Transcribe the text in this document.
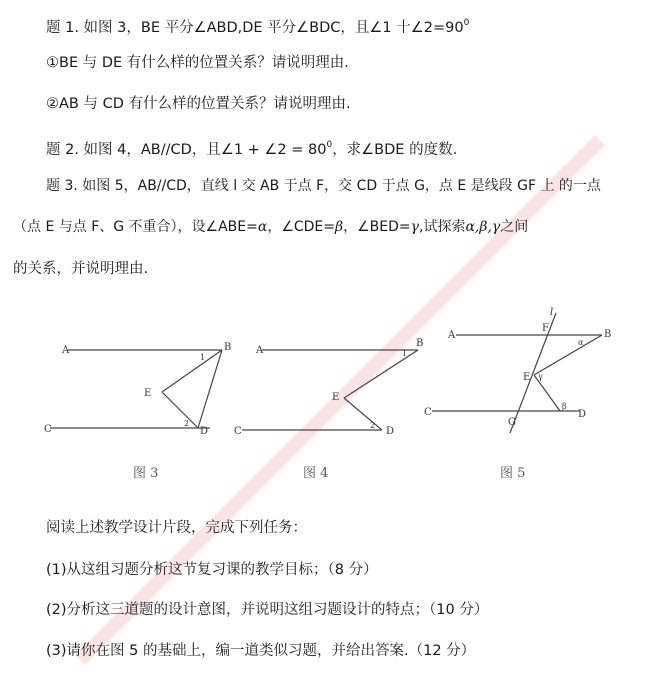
题 1. 如图 3，BE 平分∠ABD,DE 平分∠BDC，且∠1 十$\angle 2=90^0$
①BE 与 DE 有什么样的位置关系？请说明理由.
②AB 与 CD 有什么样的位置关系？请说明理由.
题 2. 如图 4，AB//CD，且∠1 + ∠2 = $80^0$，求∠BDE 的度数.
题 3. 如图 5，AB//CD，直线 l 交 AB 于点 F，交 CD 于点 G，点 E 是线段 GF 上 的一点
（点 E 与点 F、G 不重合），设∠ABE=α，∠CDE=β，∠BED=γ,试探索α,β,γ之间
的关系，并说明理由.
A	B
C	D
E
1
2
图 3
A
B
C	D
E
1
2
图 4
l
A	B
C	D
E
F
G
α
γ
β
图 5
阅读上述教学设计片段，完成下列任务：
(1)从这组习题分析这节复习课的教学目标；（8 分）
(2)分析这三道题的设计意图，并说明这组习题设计的特点；（10 分）
(3)请你在图 5 的基础上，编一道类似习题，并给出答案.（12 分）
